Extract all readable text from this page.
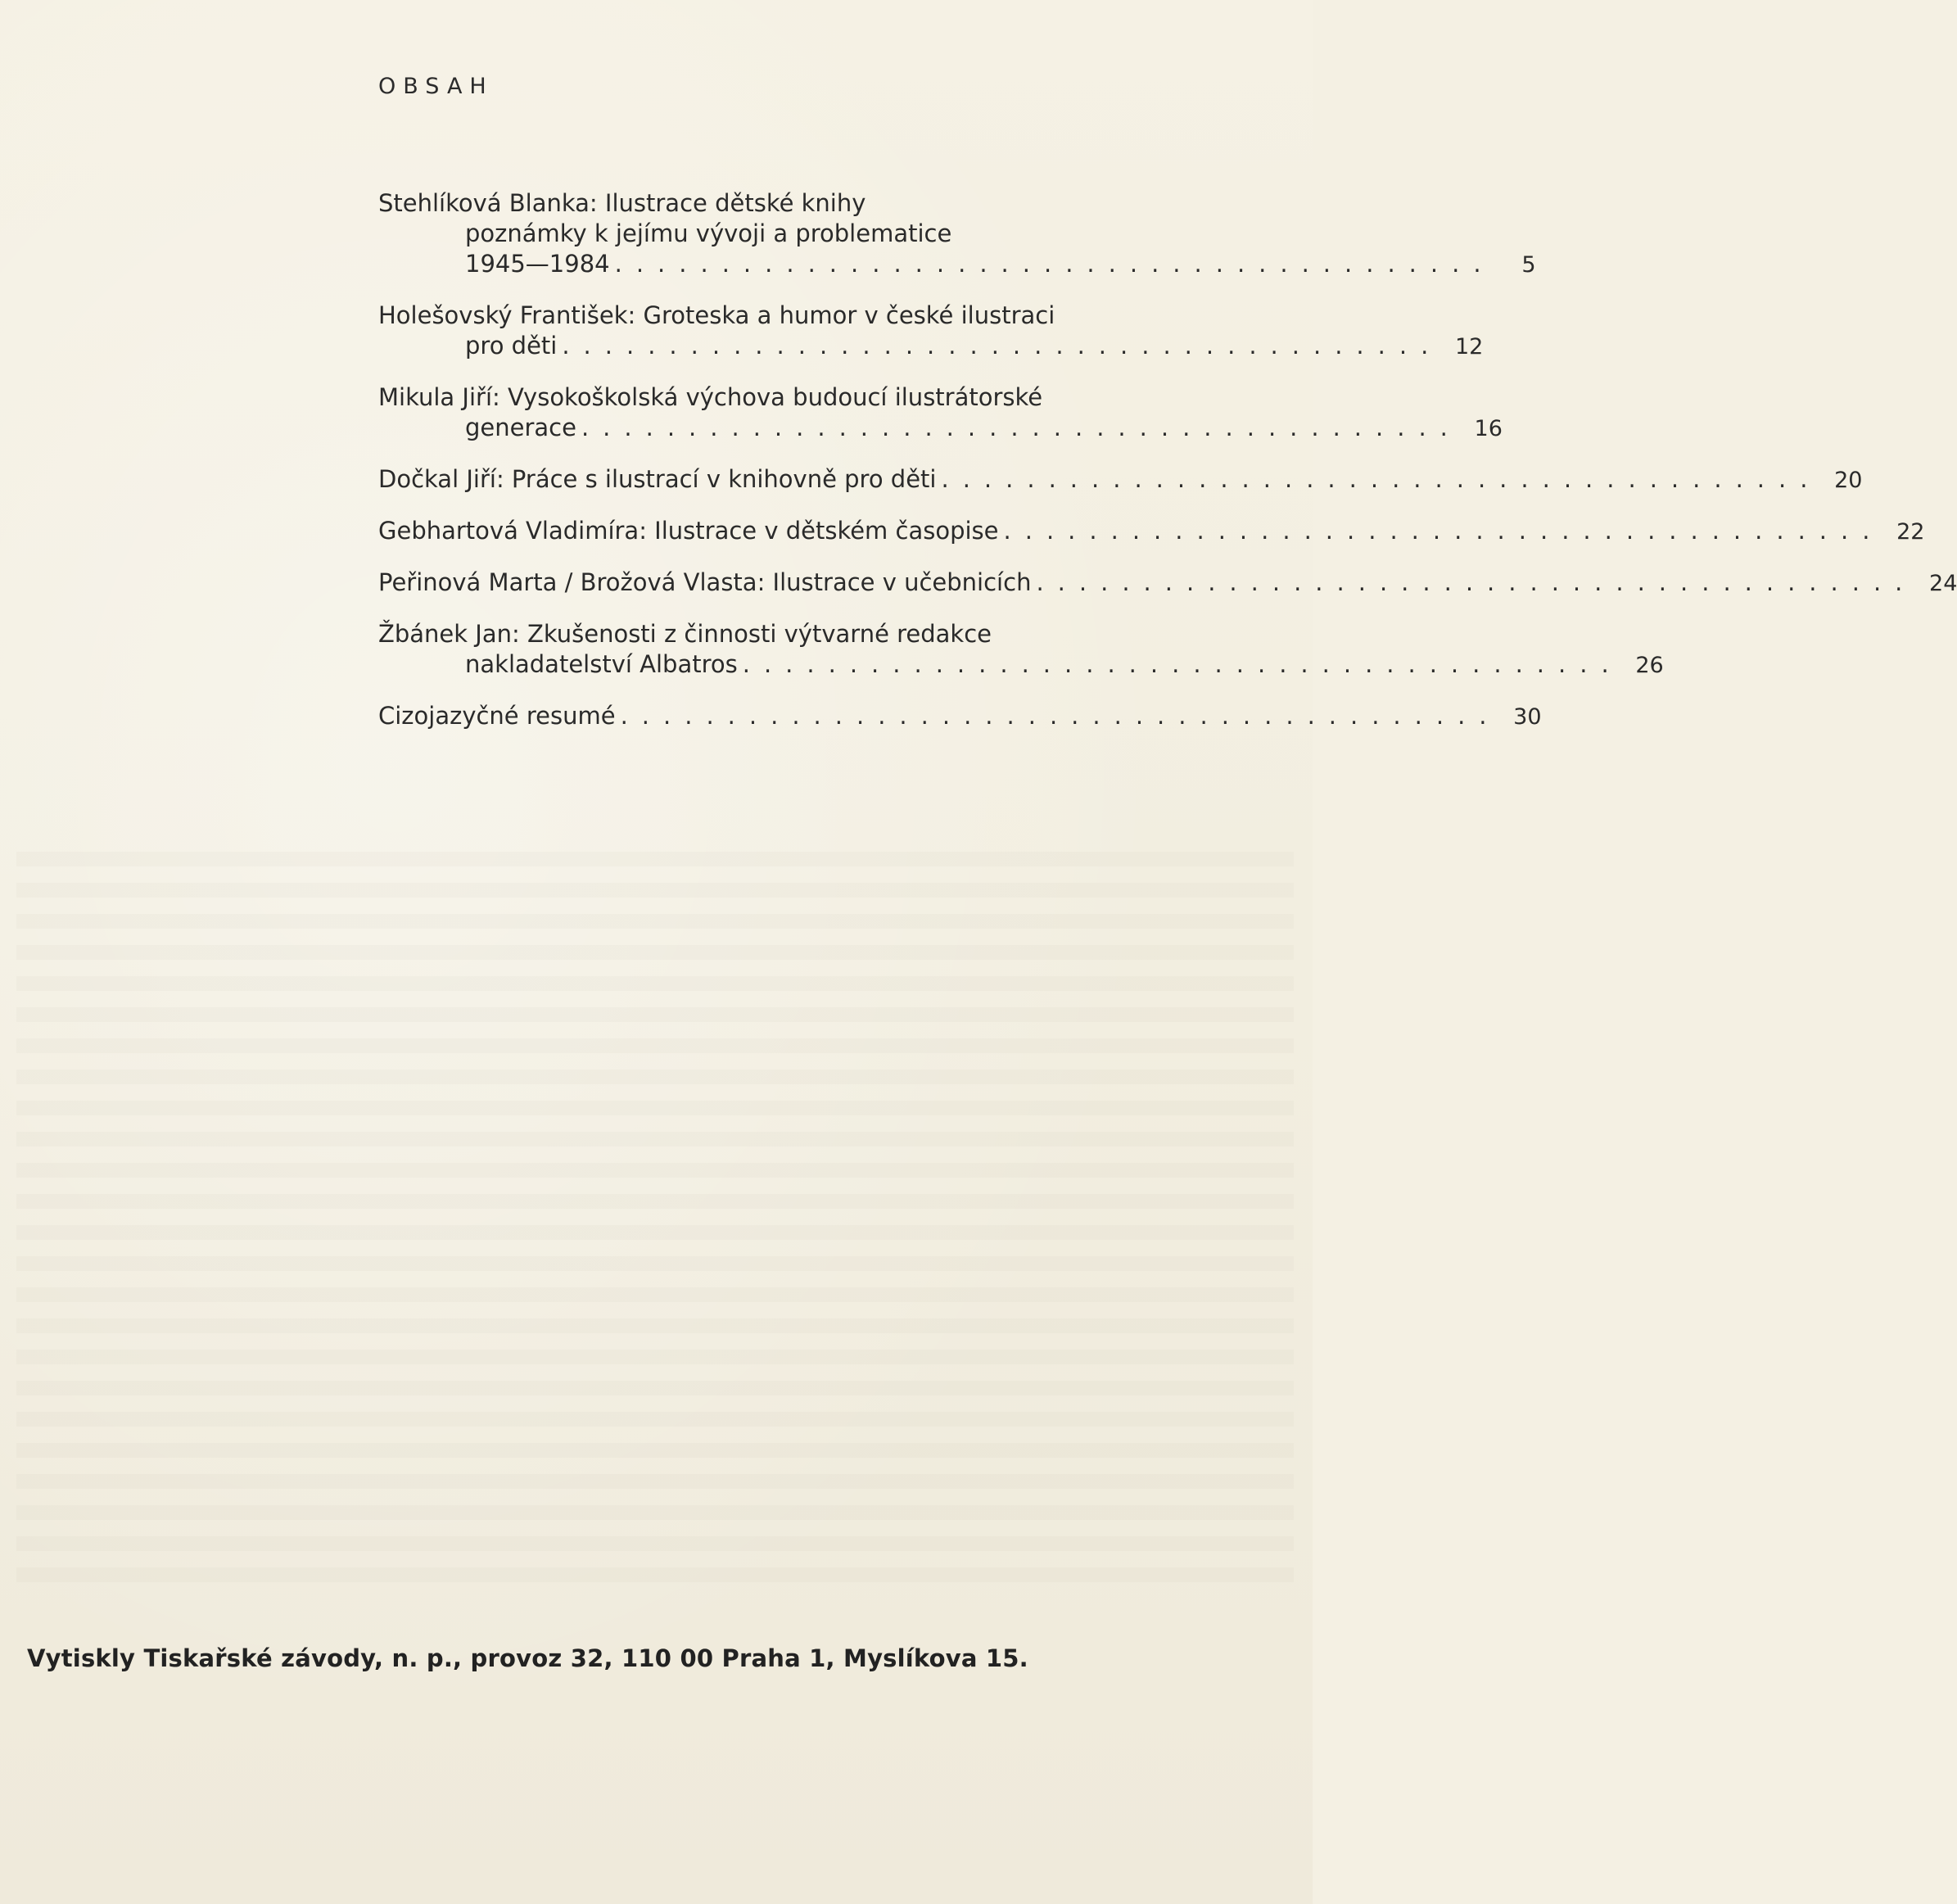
OBSAH
Stehlíková Blanka: Ilustrace dětské knihy
poznámky k jejímu vývoji a problematice
1945—1984 .........................................	5
Holešovský František: Groteska a humor v české ilustraci
pro děti ......................................... 12
Mikula Jiří: Vysokoškolská výchova budoucí ilustrátorské
generace ......................................... 16
Dočkal Jiří: Práce s ilustrací v knihovně pro děti ......................................... 20
Gebhartová Vladimíra: Ilustrace v dětském časopise ......................................... 22
Peřinová Marta / Brožová Vlasta: Ilustrace v učebnicích ......................................... 24
Žbánek Jan: Zkušenosti z činnosti výtvarné redakce
nakladatelství Albatros ......................................... 26
Cizojazyčné resumé ......................................... 30
Vytiskly Tiskařské závody, n. p., provoz 32, 110 00 Praha 1, Myslíkova 15.
